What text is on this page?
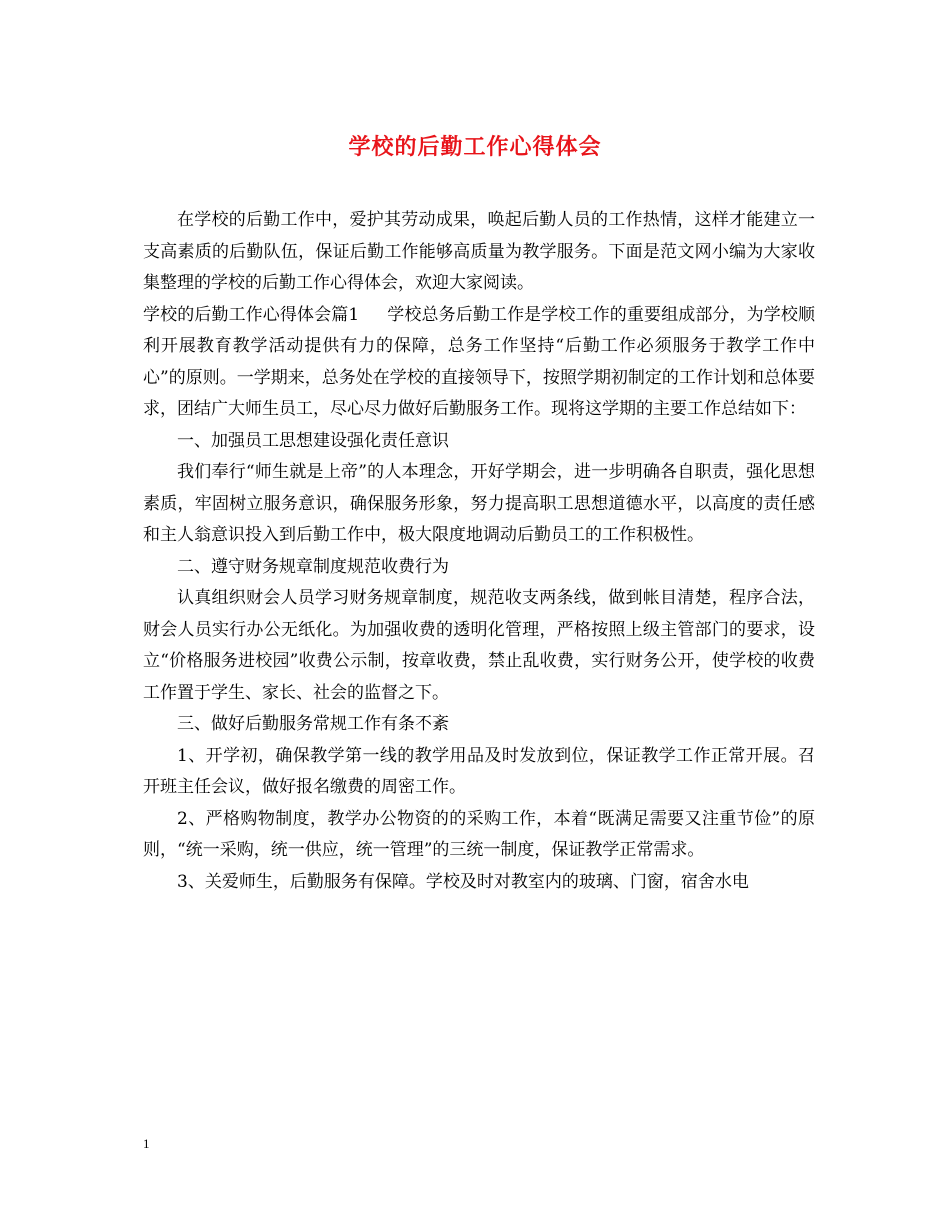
学校的后勤工作心得体会

在学校的后勤工作中，爱护其劳动成果，唤起后勤人员的工作热情，这样才能建立一支高素质的后勤队伍，保证后勤工作能够高质量为教学服务。下面是范文网小编为大家收集整理的学校的后勤工作心得体会，欢迎大家阅读。

学校的后勤工作心得体会篇1 学校总务后勤工作是学校工作的重要组成部分，为学校顺利开展教育教学活动提供有力的保障，总务工作坚持“后勤工作必须服务于教学工作中心”的原则。一学期来，总务处在学校的直接领导下，按照学期初制定的工作计划和总体要求，团结广大师生员工，尽心尽力做好后勤服务工作。现将这学期的主要工作总结如下：

一、加强员工思想建设强化责任意识

我们奉行“师生就是上帝”的人本理念，开好学期会，进一步明确各自职责，强化思想素质，牢固树立服务意识，确保服务形象，努力提高职工思想道德水平，以高度的责任感和主人翁意识投入到后勤工作中，极大限度地调动后勤员工的工作积极性。

二、遵守财务规章制度规范收费行为

认真组织财会人员学习财务规章制度，规范收支两条线，做到帐目清楚，程序合法，财会人员实行办公无纸化。为加强收费的透明化管理，严格按照上级主管部门的要求，设立“价格服务进校园”收费公示制，按章收费，禁止乱收费，实行财务公开，使学校的收费工作置于学生、家长、社会的监督之下。

三、做好后勤服务常规工作有条不紊

1、开学初，确保教学第一线的教学用品及时发放到位，保证教学工作正常开展。召开班主任会议，做好报名缴费的周密工作。

2、严格购物制度，教学办公物资的的采购工作，本着“既满足需要又注重节俭”的原则，“统一采购，统一供应，统一管理”的三统一制度，保证教学正常需求。

3、关爱师生，后勤服务有保障。学校及时对教室内的玻璃、门窗，宿舍水电

1
